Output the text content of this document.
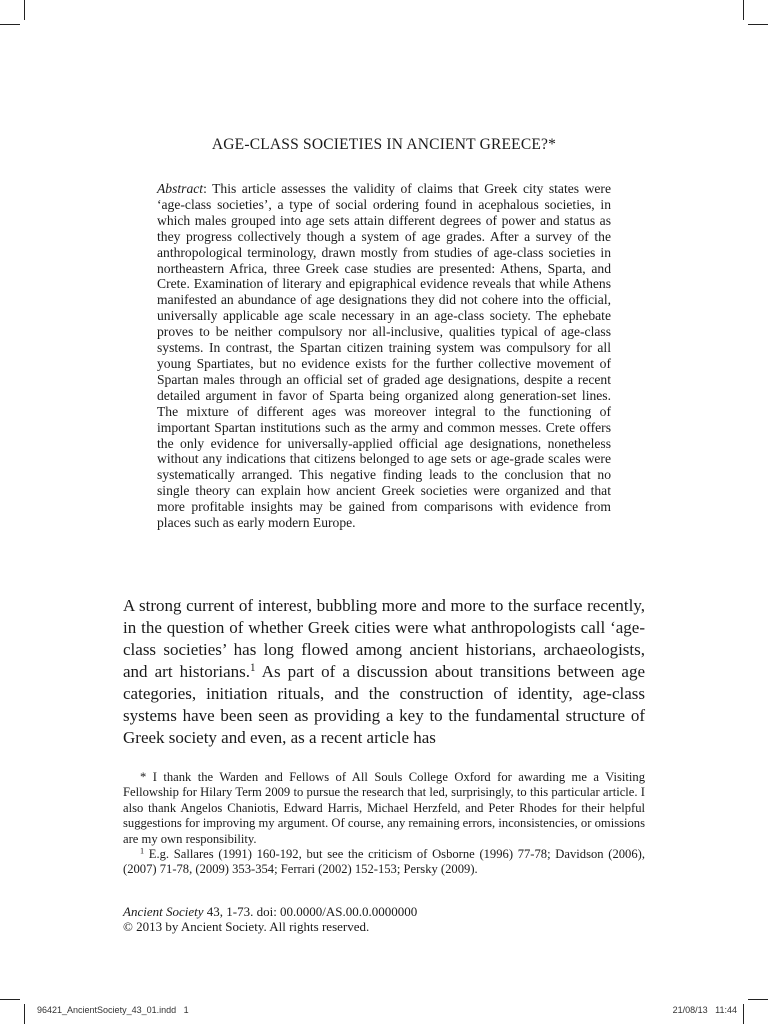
AGE-CLASS SOCIETIES IN ANCIENT GREECE?*
Abstract: This article assesses the validity of claims that Greek city states were ‘age-class societies’, a type of social ordering found in acephalous societies, in which males grouped into age sets attain different degrees of power and status as they progress collectively though a system of age grades. After a survey of the anthropological terminology, drawn mostly from studies of age-class societies in northeastern Africa, three Greek case studies are presented: Athens, Sparta, and Crete. Examination of literary and epigraphical evidence reveals that while Athens manifested an abundance of age designations they did not cohere into the official, universally applicable age scale necessary in an age-class society. The ephebate proves to be neither compulsory nor all-inclusive, qualities typical of age-class systems. In contrast, the Spartan citizen training system was compulsory for all young Spartiates, but no evidence exists for the further collective movement of Spartan males through an official set of graded age designations, despite a recent detailed argument in favor of Sparta being organized along generation-set lines. The mixture of different ages was moreover integral to the functioning of important Spartan institutions such as the army and common messes. Crete offers the only evidence for universally-applied official age designations, nonetheless without any indications that citizens belonged to age sets or age-grade scales were systematically arranged. This negative finding leads to the conclusion that no single theory can explain how ancient Greek societies were organized and that more profitable insights may be gained from comparisons with evidence from places such as early modern Europe.
A strong current of interest, bubbling more and more to the surface recently, in the question of whether Greek cities were what anthropologists call ‘age-class societies’ has long flowed among ancient historians, archaeologists, and art historians.$^1$ As part of a discussion about transitions between age categories, initiation rituals, and the construction of identity, age-class systems have been seen as providing a key to the fundamental structure of Greek society and even, as a recent article has

* I thank the Warden and Fellows of All Souls College Oxford for awarding me a Visiting Fellowship for Hilary Term 2009 to pursue the research that led, surprisingly, to this particular article. I also thank Angelos Chaniotis, Edward Harris, Michael Herzfeld, and Peter Rhodes for their helpful suggestions for improving my argument. Of course, any remaining errors, inconsistencies, or omissions are my own responsibility.

$^1$ E.g. Sallares (1991) 160-192, but see the criticism of Osborne (1996) 77-78; Davidson (2006), (2007) 71-78, (2009) 353-354; Ferrari (2002) 152-153; Persky (2009).

Ancient Society 43, 1-73. doi: 00.0000/AS.00.0.0000000
© 2013 by Ancient Society. All rights reserved.
96421_AncientSociety_43_01.indd   1	21/08/13   11:44
